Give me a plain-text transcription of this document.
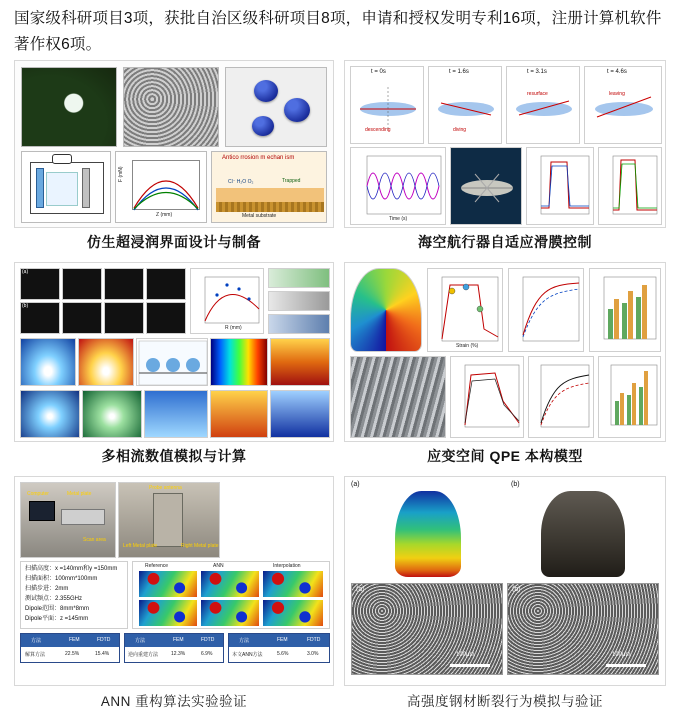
国家级科研项目3项，获批自治区级科研项目8项，申请和授权发明专利16项，注册计算机软件著作权6项。
Z (mm)
F (mN)
Antico rrosion m echan ism
Metal substrate
Trapped
Cl⁻ H₂O O₂
仿生超浸润界面设计与制备
t = 0s
descending
t = 1.6s
diving
t = 3.1s
resurface
t = 4.6s
leaving
Time (s)
海空航行器自适应滑膜控制
(a)
(b)
R (mm)
多相流数值模拟与计算
Strain (%)
应变空间 QPE 本构模型
Computer	Metal plate
Scan area
Probe antenna
Left Metal plate	Right Metal plate
扫描高度：x =140mm和y =150mm
扫描面积：100mm*100mm
扫描步进：2mm
测试频点：2.355GHz
Dipole范围：8mm*8mm
Dipole平面：z =145mm
Reference	ANN	Interpolation
方法	FEM	FDTD
解算方法	22.5%	15.4%
方法	FEM	FDTD
逆向重建方法	12.3%	6.9%
方法	FEM	FDTD
本文ANN方法	5.6%	3.0%
ANN 重构算法实验验证
(a)	(b)
(a)
100μm
(b)
100μm
高强度钢材断裂行为模拟与验证
